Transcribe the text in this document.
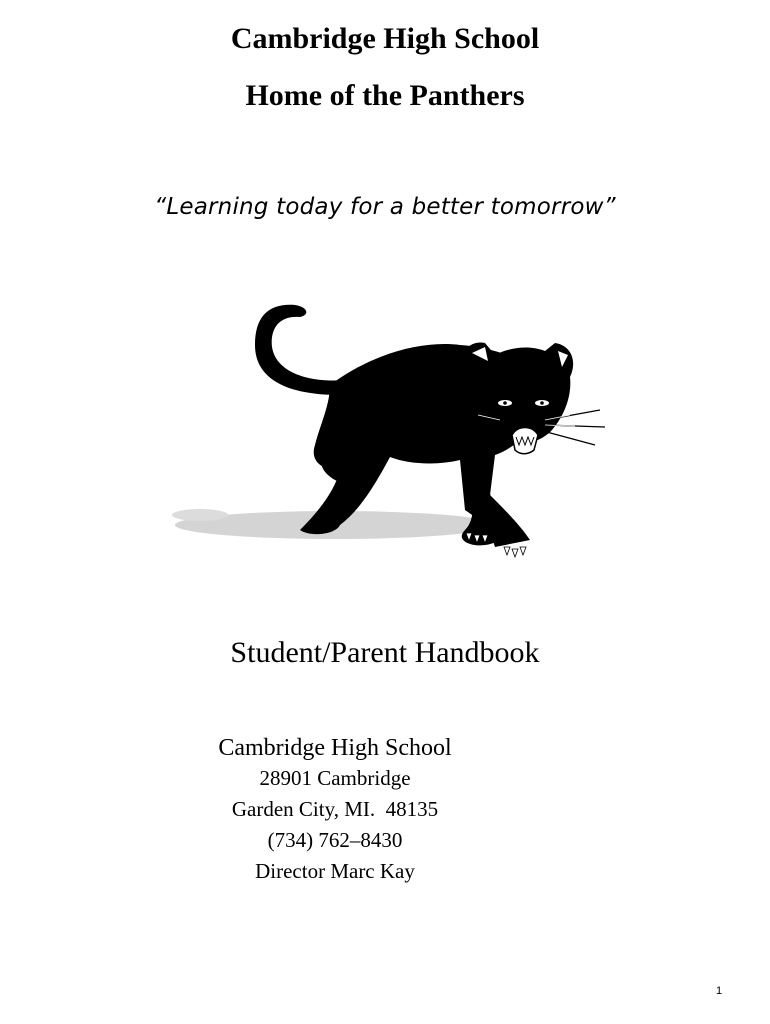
Cambridge High School
Home of the Panthers
“Learning today for a better tomorrow”
Student/Parent Handbook
Cambridge High School
28901 Cambridge
Garden City, MI.  48135
(734) 762–8430
Director Marc Kay
1
